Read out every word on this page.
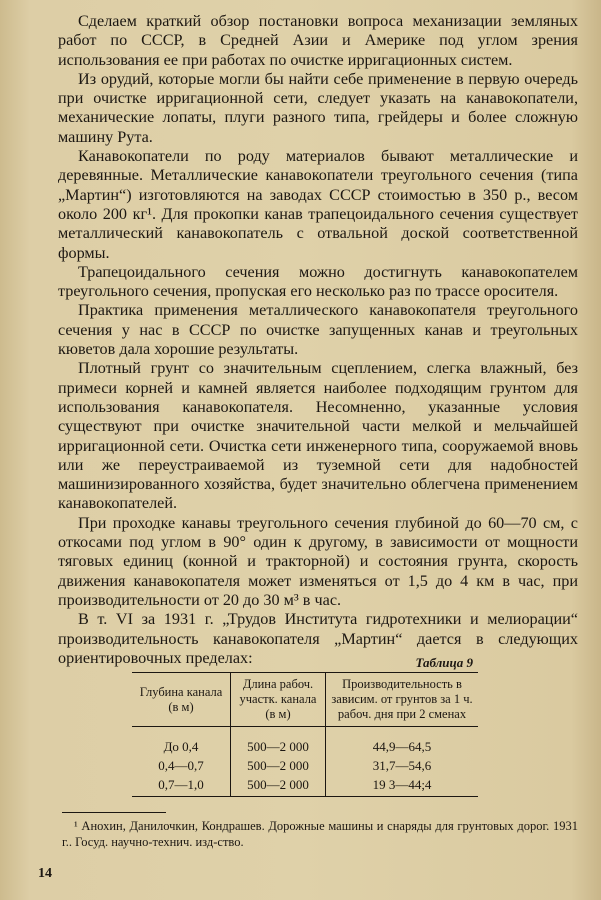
Сделаем краткий обзор постановки вопроса механизации земляных работ по СССР, в Средней Азии и Америке под углом зрения использования ее при работах по очистке ирригационных систем.

Из орудий, которые могли бы найти себе применение в первую очередь при очистке ирригационной сети, следует указать на канавокопатели, механические лопаты, плуги разного типа, грейдеры и более сложную машину Рута.

Канавокопатели по роду материалов бывают металлические и деревянные. Металлические канавокопатели треугольного сечения (типа „Мартин“) изготовляются на заводах СССР стоимостью в 350 р., весом около 200 кг¹. Для прокопки канав трапецоидального сечения существует металлический канавокопатель с отвальной доской соответственной формы.

Трапецоидального сечения можно достигнуть канавокопателем треугольного сечения, пропуская его несколько раз по трассе оросителя.

Практика применения металлического канавокопателя треугольного сечения у нас в СССР по очистке запущенных канав и треугольных кюветов дала хорошие результаты.

Плотный грунт со значительным сцеплением, слегка влажный, без примеси корней и камней является наиболее подходящим грунтом для использования канавокопателя. Несомненно, указанные условия существуют при очистке значительной части мелкой и мельчайшей ирригационной сети. Очистка сети инженерного типа, сооружаемой вновь или же переустраиваемой из туземной сети для надобностей машинизированного хозяйства, будет значительно облегчена применением канавокопателей.

При проходке канавы треугольного сечения глубиной до 60—70 см, с откосами под углом в 90° один к другому, в зависимости от мощности тяговых единиц (конной и тракторной) и состояния грунта, скорость движения канавокопателя может изменяться от 1,5 до 4 км в час, при производительности от 20 до 30 м³ в час.

В т. VI за 1931 г. „Трудов Института гидротехники и мелиорации“ производительность канавокопателя „Мартин“ дается в следующих ориентировочных пределах:	Таблица 9
Глубина канала (в м)	Длина рабоч. участк. канала (в м)	Производительность в зависим. от грунтов за 1 ч. рабоч. дня при 2 сменах
До 0,4	500—2 000	44,9—64,5
0,4—0,7	500—2 000	31,7—54,6
0,7—1,0	500—2 000	19 3—44;4
¹ Анохин, Данилочкин, Кондрашев. Дорожные машины и снаряды для грунтовых дорог. 1931 г.. Госуд. научно-технич. изд-ство.
14
